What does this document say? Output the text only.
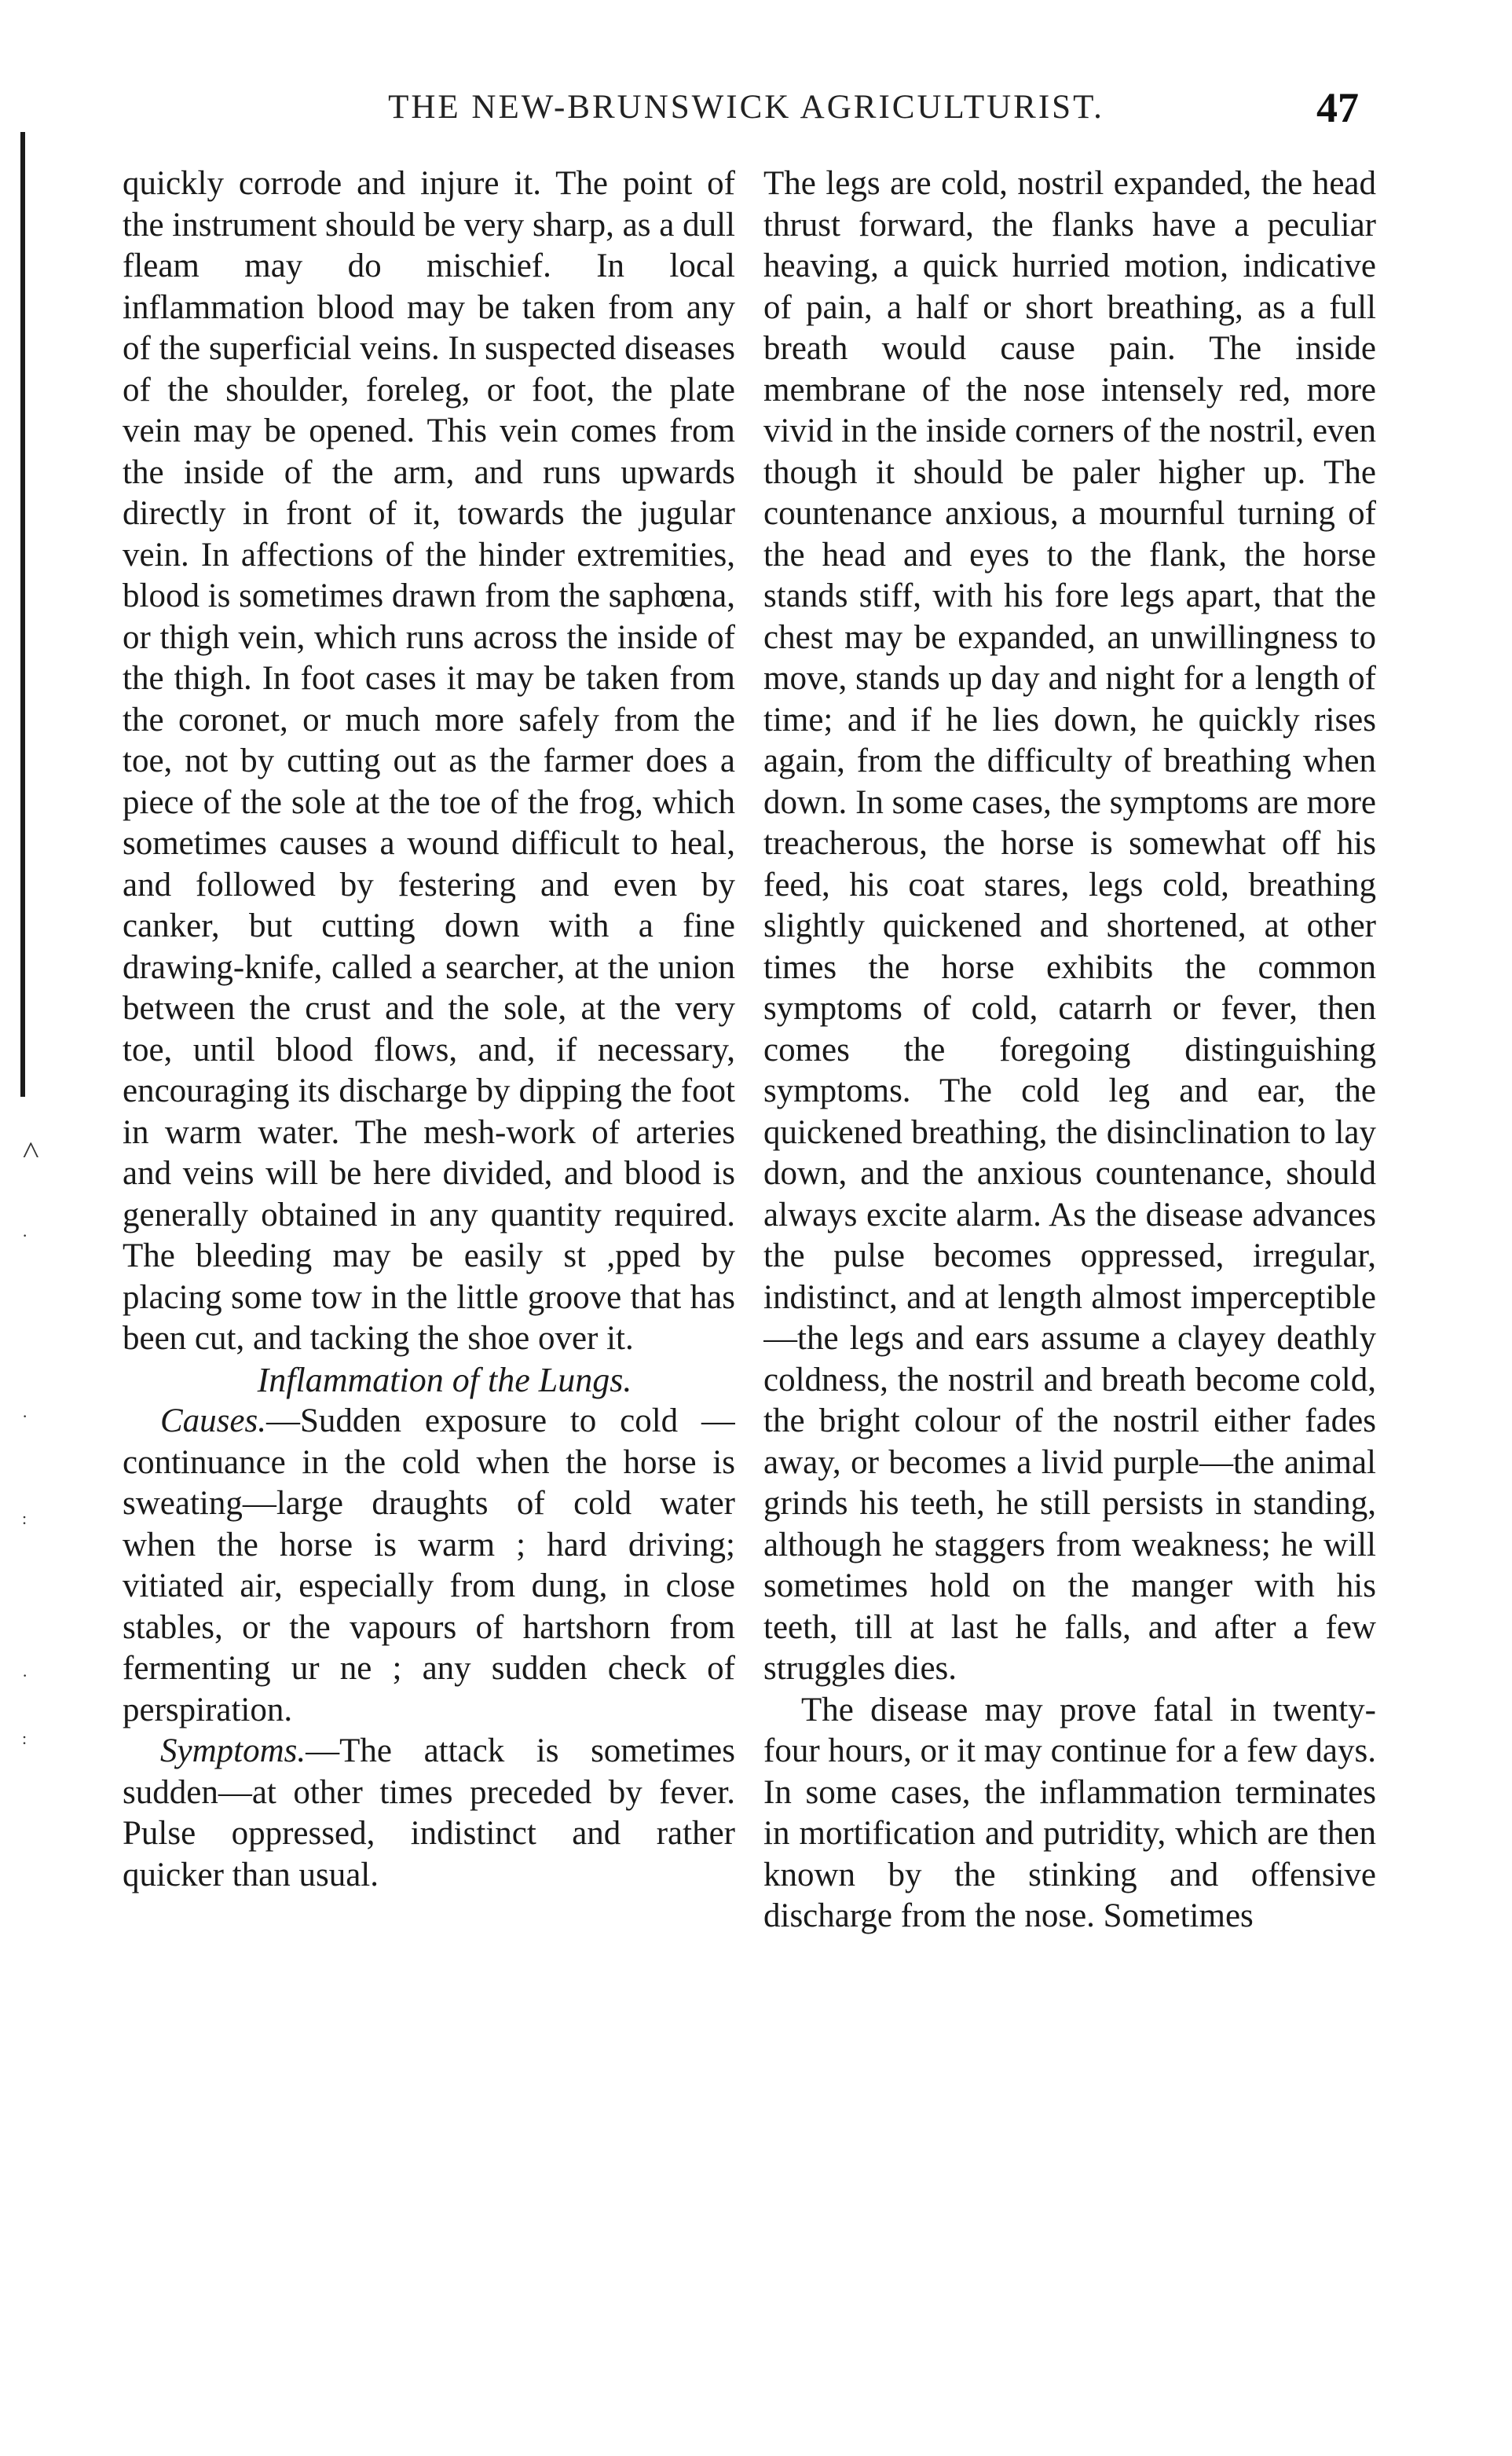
THE NEW-BRUNSWICK AGRICULTURIST.	47
˄
·
·
:
·
:

quickly corrode and injure it. The point of the instrument should be very sharp, as a dull fleam may do mischief. In local inflammation blood may be taken from any of the superficial veins. In suspected diseases of the shoulder, foreleg, or foot, the plate vein may be opened. This vein comes from the inside of the arm, and runs upwards directly in front of it, towards the jugular vein. In affections of the hinder extremities, blood is sometimes drawn from the saphœna, or thigh vein, which runs across the inside of the thigh. In foot cases it may be taken from the coronet, or much more safely from the toe, not by cutting out as the farmer does a piece of the sole at the toe of the frog, which sometimes causes a wound difficult to heal, and followed by festering and even by canker, but cutting down with a fine drawing-knife, called a searcher, at the union between the crust and the sole, at the very toe, until blood flows, and, if necessary, encouraging its discharge by dipping the foot in warm water. The mesh-work of arteries and veins will be here divided, and blood is generally obtained in any quantity required. The bleeding may be easily st ,pped by placing some tow in the little groove that has been cut, and tacking the shoe over it.

Inflammation of the Lungs.

Causes.—Sudden exposure to cold —continuance in the cold when the horse is sweating—large draughts of cold water when the horse is warm ; hard driving; vitiated air, especially from dung, in close stables, or the vapours of hartshorn from fermenting ur ne ; any sudden check of perspiration.

Symptoms.—The attack is sometimes sudden—at other times preceded by fever. Pulse oppressed, indistinct and rather quicker than usual.

The legs are cold, nostril expanded, the head thrust forward, the flanks have a peculiar heaving, a quick hurried motion, indicative of pain, a half or short breathing, as a full breath would cause pain. The inside membrane of the nose intensely red, more vivid in the inside corners of the nostril, even though it should be paler higher up. The countenance anxious, a mournful turning of the head and eyes to the flank, the horse stands stiff, with his fore legs apart, that the chest may be expanded, an unwillingness to move, stands up day and night for a length of time; and if he lies down, he quickly rises again, from the difficulty of breathing when down. In some cases, the symptoms are more treacherous, the horse is somewhat off his feed, his coat stares, legs cold, breathing slightly quickened and shortened, at other times the horse exhibits the common symptoms of cold, catarrh or fever, then comes the foregoing distinguishing symptoms. The cold leg and ear, the quickened breathing, the disinclination to lay down, and the anxious countenance, should always excite alarm. As the disease advances the pulse becomes oppressed, irregular, indistinct, and at length almost imperceptible—the legs and ears assume a clayey deathly coldness, the nostril and breath become cold, the bright colour of the nostril either fades away, or becomes a livid purple—the animal grinds his teeth, he still persists in standing, although he staggers from weakness; he will sometimes hold on the manger with his teeth, till at last he falls, and after a few struggles dies.

The disease may prove fatal in twenty-four hours, or it may continue for a few days. In some cases, the inflammation terminates in mortification and putridity, which are then known by the stinking and offensive discharge from the nose. Sometimes
